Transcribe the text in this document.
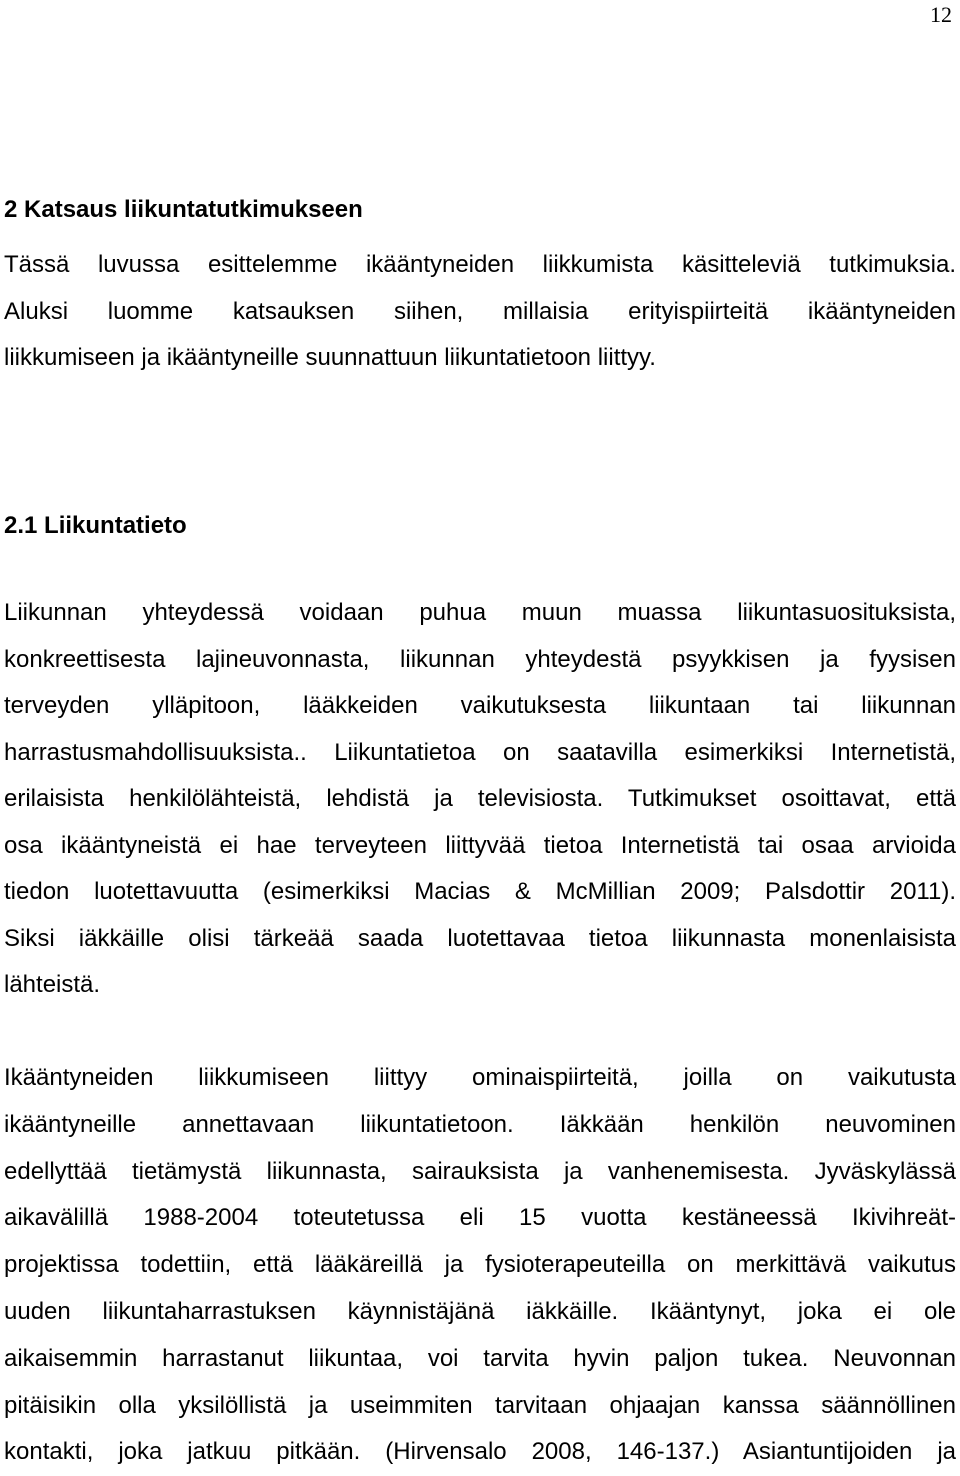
12
2 Katsaus liikuntatutkimukseen
Tässä luvussa esittelemme ikääntyneiden liikkumista käsitteleviä tutkimuksia.
Aluksi luomme katsauksen siihen, millaisia erityispiirteitä ikääntyneiden
liikkumiseen ja ikääntyneille suunnattuun liikuntatietoon liittyy.
2.1 Liikuntatieto
Liikunnan yhteydessä voidaan puhua muun muassa liikuntasuosituksista,
konkreettisesta lajineuvonnasta, liikunnan yhteydestä psyykkisen ja fyysisen
terveyden ylläpitoon, lääkkeiden vaikutuksesta liikuntaan tai liikunnan
harrastusmahdollisuuksista.. Liikuntatietoa on saatavilla esimerkiksi Internetistä,
erilaisista henkilölähteistä, lehdistä ja televisiosta. Tutkimukset osoittavat, että
osa ikääntyneistä ei hae terveyteen liittyvää tietoa Internetistä tai osaa arvioida
tiedon luotettavuutta (esimerkiksi Macias & McMillian 2009; Palsdottir 2011).
Siksi iäkkäille olisi tärkeää saada luotettavaa tietoa liikunnasta monenlaisista
lähteistä.
Ikääntyneiden liikkumiseen liittyy ominaispiirteitä, joilla on vaikutusta
ikääntyneille annettavaan liikuntatietoon. Iäkkään henkilön neuvominen
edellyttää tietämystä liikunnasta, sairauksista ja vanhenemisesta. Jyväskylässä
aikavälillä 1988-2004 toteutetussa eli 15 vuotta kestäneessä Ikivihreät-
projektissa todettiin, että lääkäreillä ja fysioterapeuteilla on merkittävä vaikutus
uuden liikuntaharrastuksen käynnistäjänä iäkkäille. Ikääntynyt, joka ei ole
aikaisemmin harrastanut liikuntaa, voi tarvita hyvin paljon tukea. Neuvonnan
pitäisikin olla yksilöllistä ja useimmiten tarvitaan ohjaajan kanssa säännöllinen
kontakti, joka jatkuu pitkään. (Hirvensalo 2008, 146-137.) Asiantuntijoiden ja
